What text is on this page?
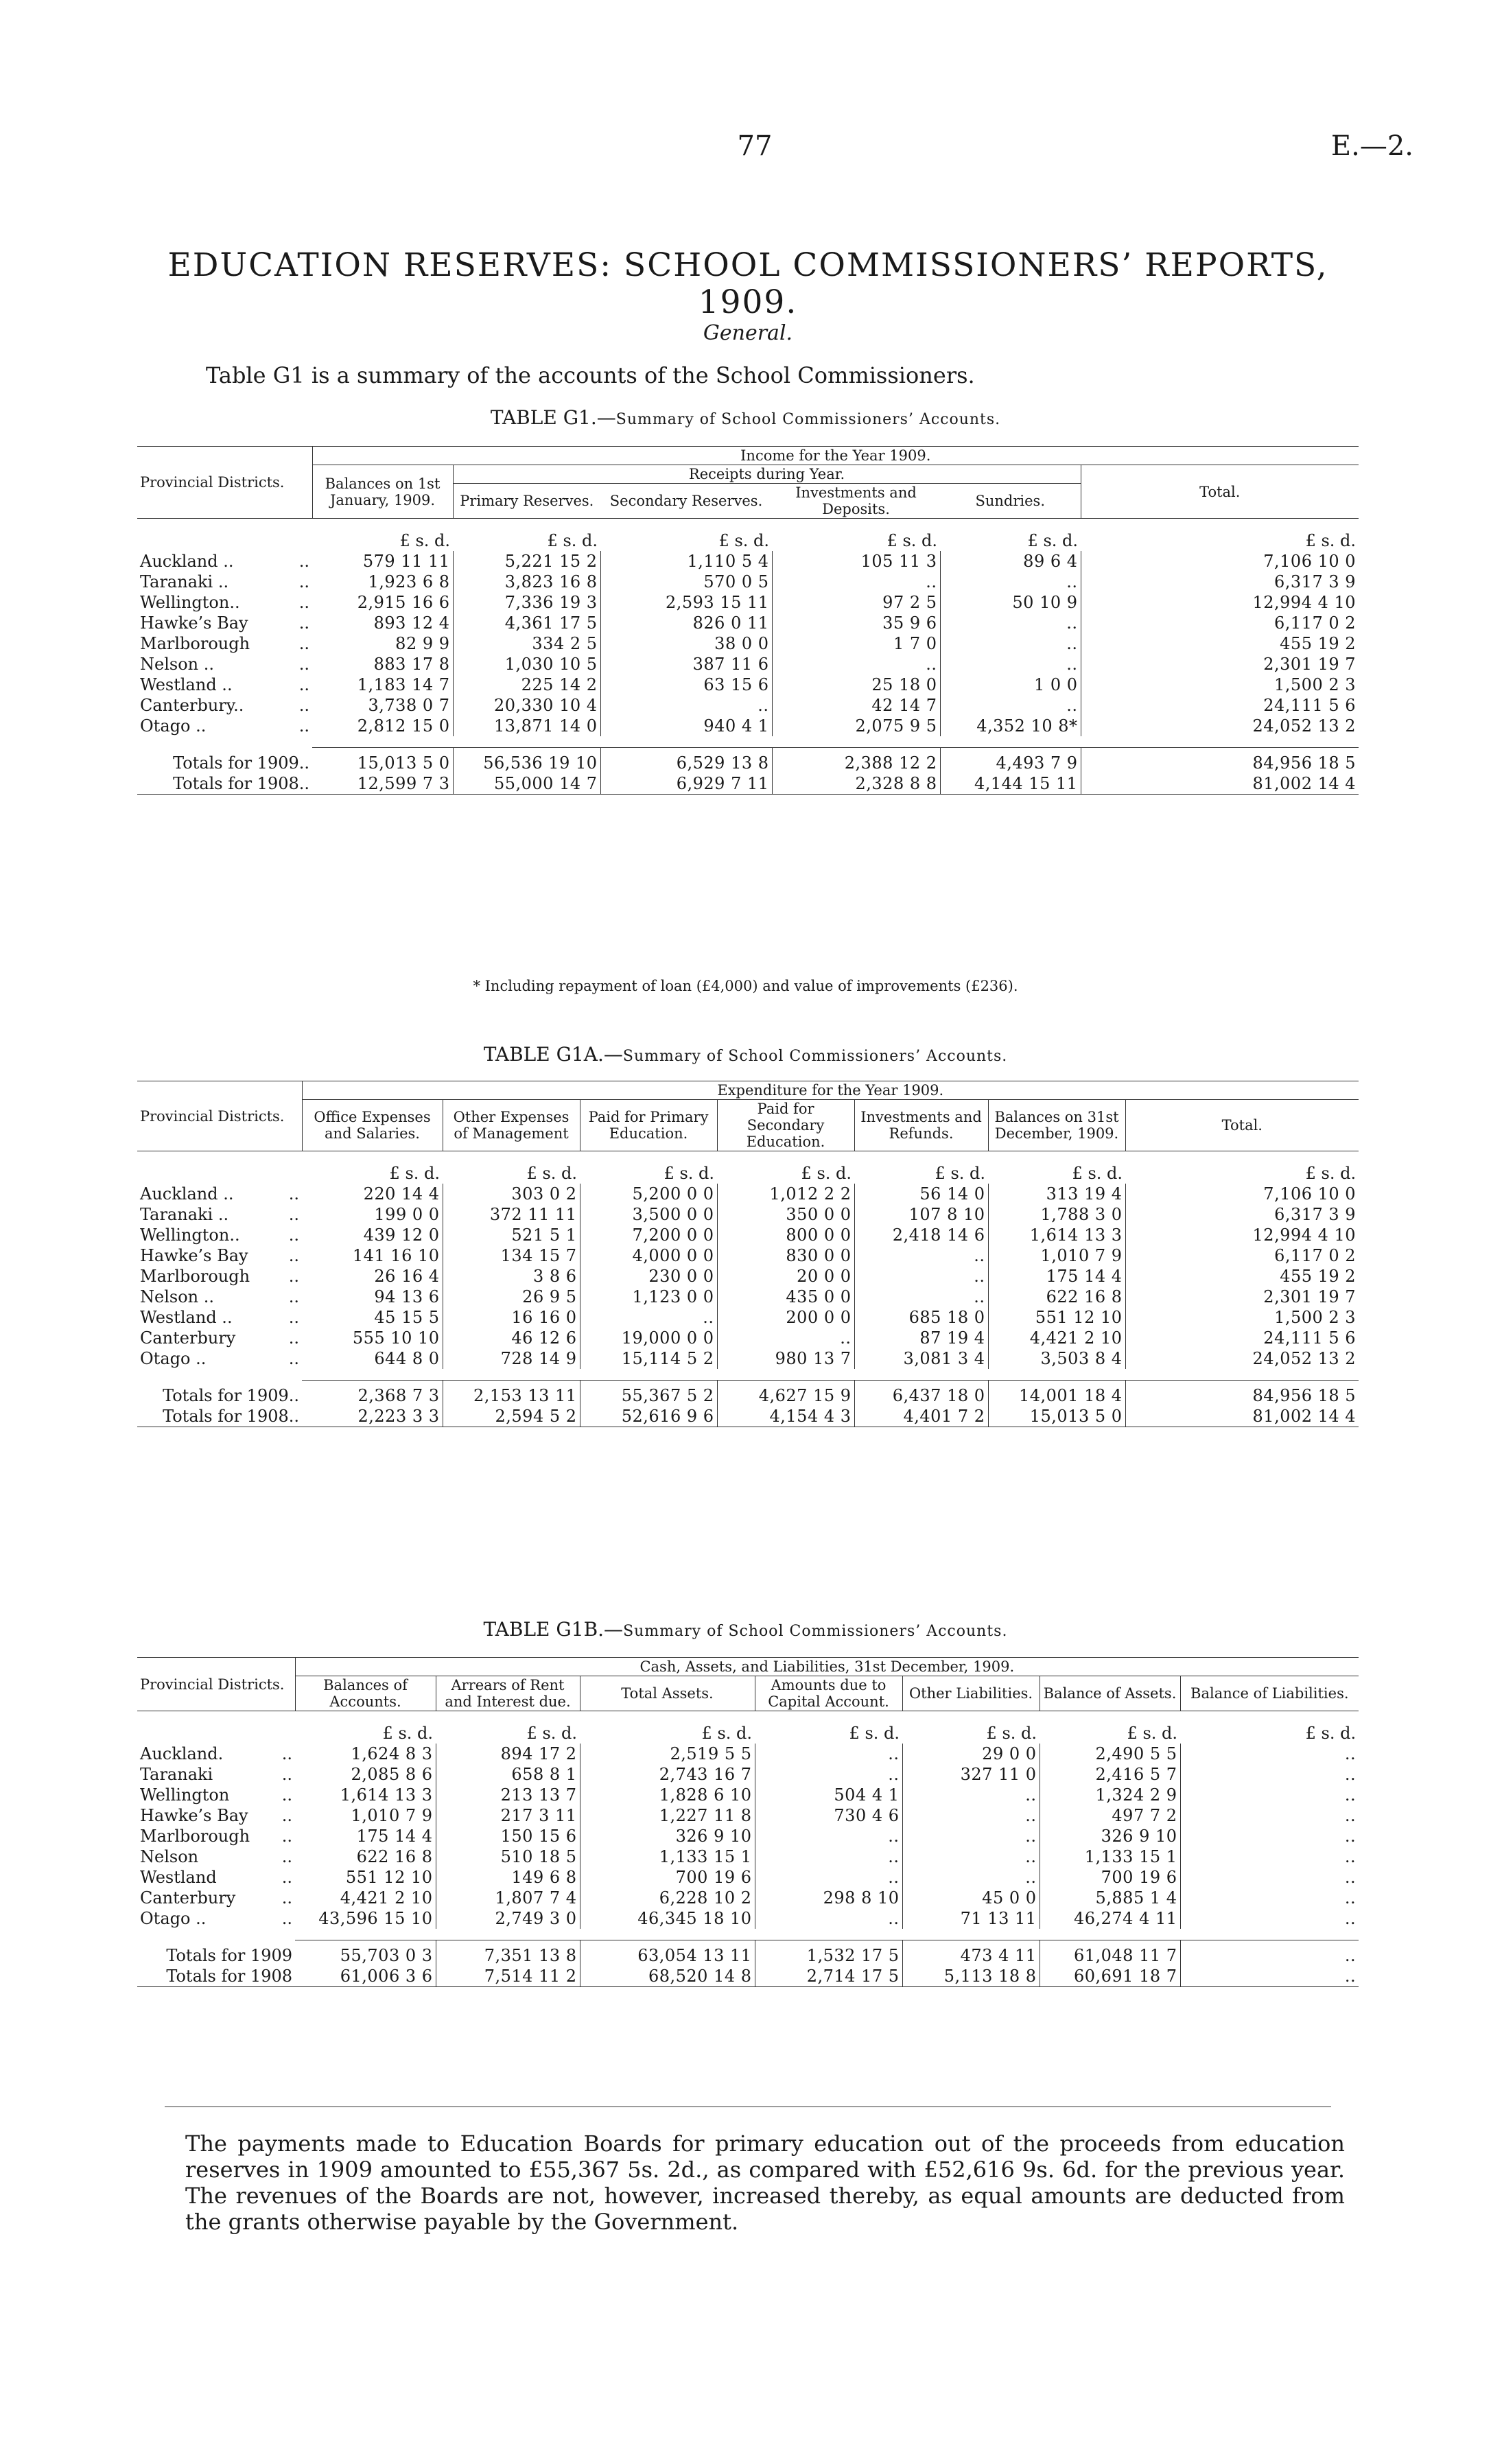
77	E.—2.
EDUCATION RESERVES: SCHOOL COMMISSIONERS’ REPORTS, 1909.
General.
Table G1 is a summary of the accounts of the School Commissioners.
TABLE G1.—Summary of School Commissioners’ Accounts.
Provincial Districts.		Income for the Year 1909.					
		Balances on 1st January, 1909.	Receipts during Year.				Total.
			Primary Reserves.	Secondary Reserves.	Investments and Deposits.	Sundries.	
		£ s. d.	£ s. d.	£ s. d.	£ s. d.	£ s. d.	£ s. d.
Auckland ..	..	579 11 11	5,221 15 2	1,110 5 4	105 11 3	89 6 4	7,106 10 0
Taranaki ..	..	1,923 6 8	3,823 16 8	570 0 5	..	..	6,317 3 9
Wellington..	..	2,915 16 6	7,336 19 3	2,593 15 11	97 2 5	50 10 9	12,994 4 10
Hawke’s Bay	..	893 12 4	4,361 17 5	826 0 11	35 9 6	..	6,117 0 2
Marlborough	..	82 9 9	334 2 5	38 0 0	1 7 0	..	455 19 2
Nelson ..	..	883 17 8	1,030 10 5	387 11 6	..	..	2,301 19 7
Westland ..	..	1,183 14 7	225 14 2	63 15 6	25 18 0	1 0 0	1,500 2 3
Canterbury..	..	3,738 0 7	20,330 10 4	..	42 14 7	..	24,111 5 6
Otago ..	..	2,812 15 0	13,871 14 0	940 4 1	2,075 9 5	4,352 10 8*	24,052 13 2

Totals for 1909..		15,013 5 0	56,536 19 10	6,529 13 8	2,388 12 2	4,493 7 9	84,956 18 5
Totals for 1908..		12,599 7 3	55,000 14 7	6,929 7 11	2,328 8 8	4,144 15 11	81,002 14 4
* Including repayment of loan (£4,000) and value of improvements (£236).
TABLE G1A.—Summary of School Commissioners’ Accounts.
Provincial Districts.		Expenditure for the Year 1909.						
		Office Expenses and Salaries.	Other Expenses of Management	Paid for Primary Education.	Paid for Secondary Education.	Investments and Refunds.	Balances on 31st December, 1909.	Total.
		£ s. d.	£ s. d.	£ s. d.	£ s. d.	£ s. d.	£ s. d.	£ s. d.
Auckland ..	..	220 14 4	303 0 2	5,200 0 0	1,012 2 2	56 14 0	313 19 4	7,106 10 0
Taranaki ..	..	199 0 0	372 11 11	3,500 0 0	350 0 0	107 8 10	1,788 3 0	6,317 3 9
Wellington..	..	439 12 0	521 5 1	7,200 0 0	800 0 0	2,418 14 6	1,614 13 3	12,994 4 10
Hawke’s Bay	..	141 16 10	134 15 7	4,000 0 0	830 0 0	..	1,010 7 9	6,117 0 2
Marlborough	..	26 16 4	3 8 6	230 0 0	20 0 0	..	175 14 4	455 19 2
Nelson ..	..	94 13 6	26 9 5	1,123 0 0	435 0 0	..	622 16 8	2,301 19 7
Westland ..	..	45 15 5	16 16 0	..	200 0 0	685 18 0	551 12 10	1,500 2 3
Canterbury	..	555 10 10	46 12 6	19,000 0 0	..	87 19 4	4,421 2 10	24,111 5 6
Otago ..	..	644 8 0	728 14 9	15,114 5 2	980 13 7	3,081 3 4	3,503 8 4	24,052 13 2

Totals for 1909..		2,368 7 3	2,153 13 11	55,367 5 2	4,627 15 9	6,437 18 0	14,001 18 4	84,956 18 5
Totals for 1908..		2,223 3 3	2,594 5 2	52,616 9 6	4,154 4 3	4,401 7 2	15,013 5 0	81,002 14 4
TABLE G1B.—Summary of School Commissioners’ Accounts.
Provincial Districts.		Cash, Assets, and Liabilities, 31st December, 1909.						
		Balances of Accounts.	Arrears of Rent and Interest due.	Total Assets.	Amounts due to Capital Account.	Other Liabilities.	Balance of Assets.	Balance of Liabilities.
		£ s. d.	£ s. d.	£ s. d.	£ s. d.	£ s. d.	£ s. d.	£ s. d.
Auckland.	..	1,624 8 3	894 17 2	2,519 5 5	..	29 0 0	2,490 5 5	..
Taranaki	..	2,085 8 6	658 8 1	2,743 16 7	..	327 11 0	2,416 5 7	..
Wellington	..	1,614 13 3	213 13 7	1,828 6 10	504 4 1	..	1,324 2 9	..
Hawke’s Bay	..	1,010 7 9	217 3 11	1,227 11 8	730 4 6	..	497 7 2	..
Marlborough	..	175 14 4	150 15 6	326 9 10	..	..	326 9 10	..
Nelson	..	622 16 8	510 18 5	1,133 15 1	..	..	1,133 15 1	..
Westland	..	551 12 10	149 6 8	700 19 6	..	..	700 19 6	..
Canterbury	..	4,421 2 10	1,807 7 4	6,228 10 2	298 8 10	45 0 0	5,885 1 4	..
Otago ..	..	43,596 15 10	2,749 3 0	46,345 18 10	..	71 13 11	46,274 4 11	..

Totals for 1909		55,703 0 3	7,351 13 8	63,054 13 11	1,532 17 5	473 4 11	61,048 11 7	..
Totals for 1908		61,006 3 6	7,514 11 2	68,520 14 8	2,714 17 5	5,113 18 8	60,691 18 7	..
The payments made to Education Boards for primary education out of the proceeds from education reserves in 1909 amounted to £55,367 5s. 2d., as compared with £52,616 9s. 6d. for the previous year. The revenues of the Boards are not, however, increased thereby, as equal amounts are deducted from the grants otherwise payable by the Government.
